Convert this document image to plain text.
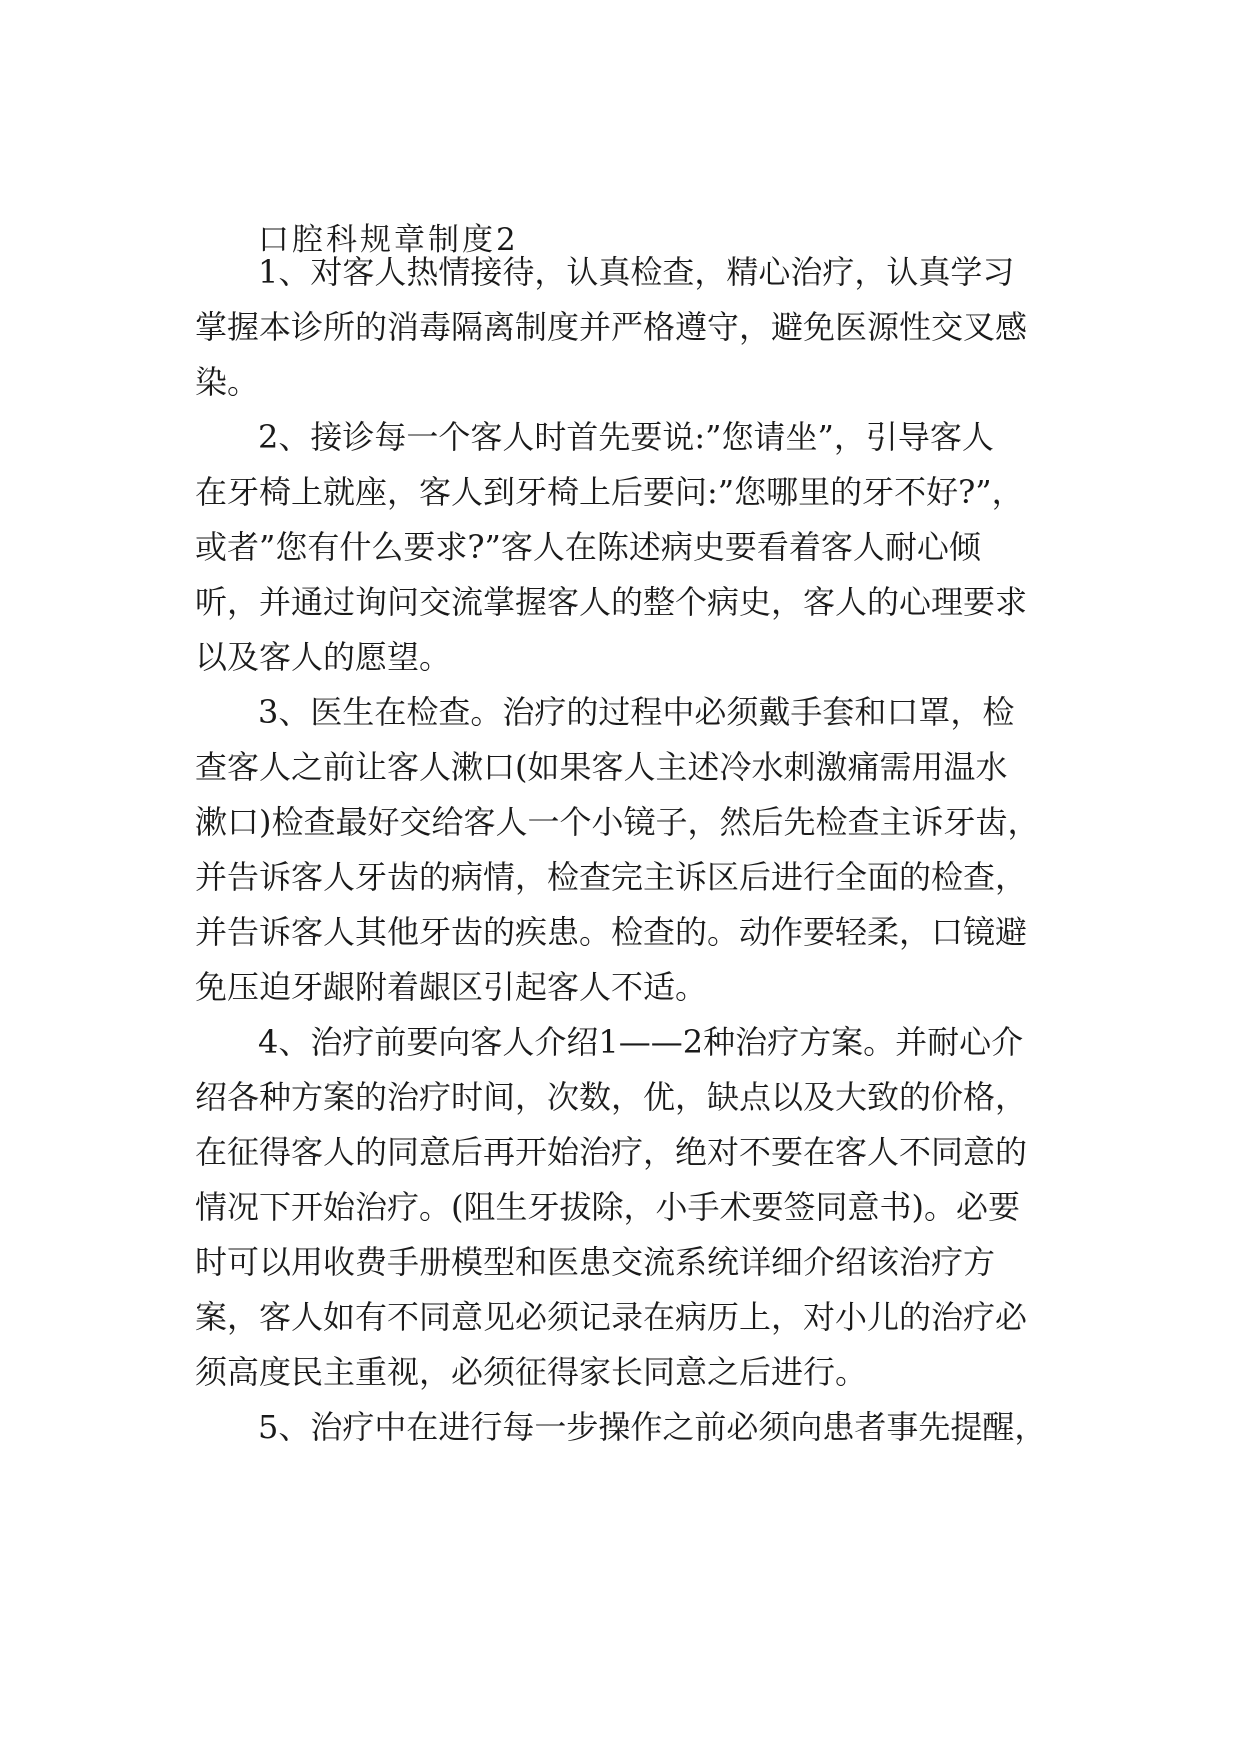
口腔科规章制度2
1、对客人热情接待，认真检查，精心治疗，认真学习
掌握本诊所的消毒隔离制度并严格遵守，避免医源性交叉感
染。
2、接诊每一个客人时首先要说:”您请坐”，引导客人
在牙椅上就座，客人到牙椅上后要问:”您哪里的牙不好?”，
或者”您有什么要求?”客人在陈述病史要看着客人耐心倾
听，并通过询问交流掌握客人的整个病史，客人的心理要求
以及客人的愿望。
3、医生在检查。治疗的过程中必须戴手套和口罩，检
查客人之前让客人漱口(如果客人主述冷水刺激痛需用温水
漱口)检查最好交给客人一个小镜子，然后先检查主诉牙齿，
并告诉客人牙齿的病情，检查完主诉区后进行全面的检查，
并告诉客人其他牙齿的疾患。检查的。动作要轻柔，口镜避
免压迫牙龈附着龈区引起客人不适。
4、治疗前要向客人介绍1——2种治疗方案。并耐心介
绍各种方案的治疗时间，次数，优，缺点以及大致的价格，
在征得客人的同意后再开始治疗，绝对不要在客人不同意的
情况下开始治疗。(阻生牙拔除，小手术要签同意书)。必要
时可以用收费手册模型和医患交流系统详细介绍该治疗方
案，客人如有不同意见必须记录在病历上，对小儿的治疗必
须高度民主重视，必须征得家长同意之后进行。
5、治疗中在进行每一步操作之前必须向患者事先提醒，
